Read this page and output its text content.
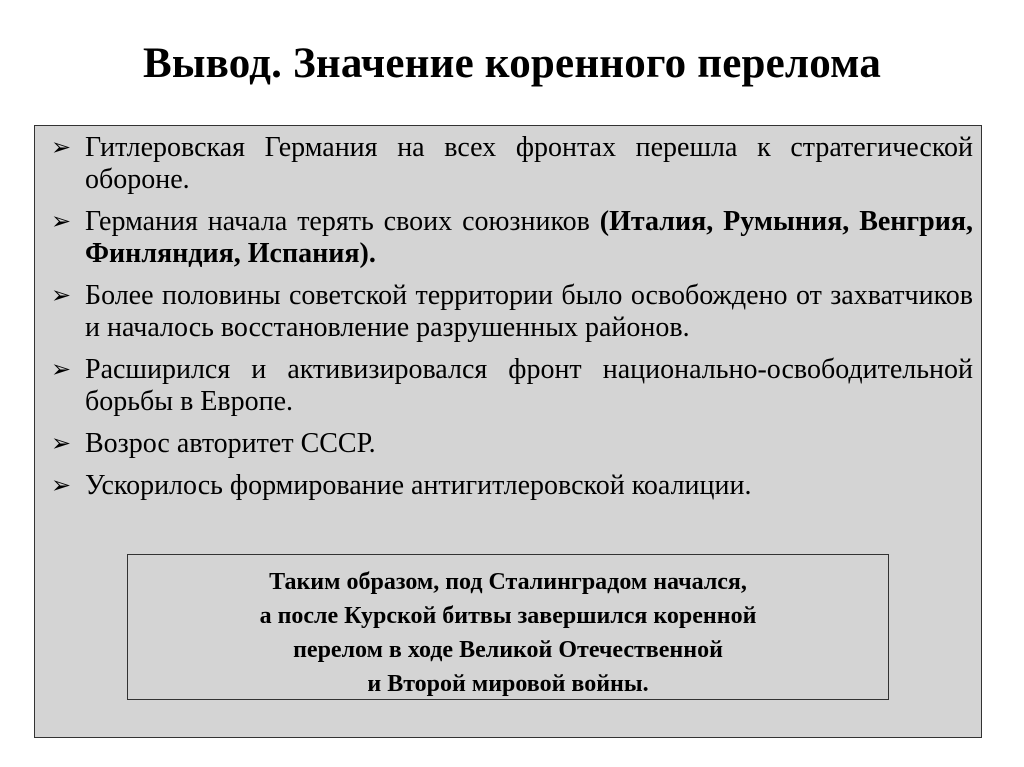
Вывод. Значение коренного перелома
➢ Гитлеровская Германия на всех фронтах перешла к стратегической обороне.
➢ Германия начала терять своих союзников (Италия, Румыния, Венгрия, Финляндия, Испания).
➢ Более половины советской территории было освобождено от захватчиков и началось восстановление разрушенных районов.
➢ Расширился и активизировался фронт национально-освободительной борьбы в Европе.
➢ Возрос авторитет СССР.
➢ Ускорилось формирование антигитлеровской коалиции.
Таким образом, под Сталинградом начался,
а после Курской битвы завершился коренной
перелом в ходе Великой Отечественной
и Второй мировой войны.
